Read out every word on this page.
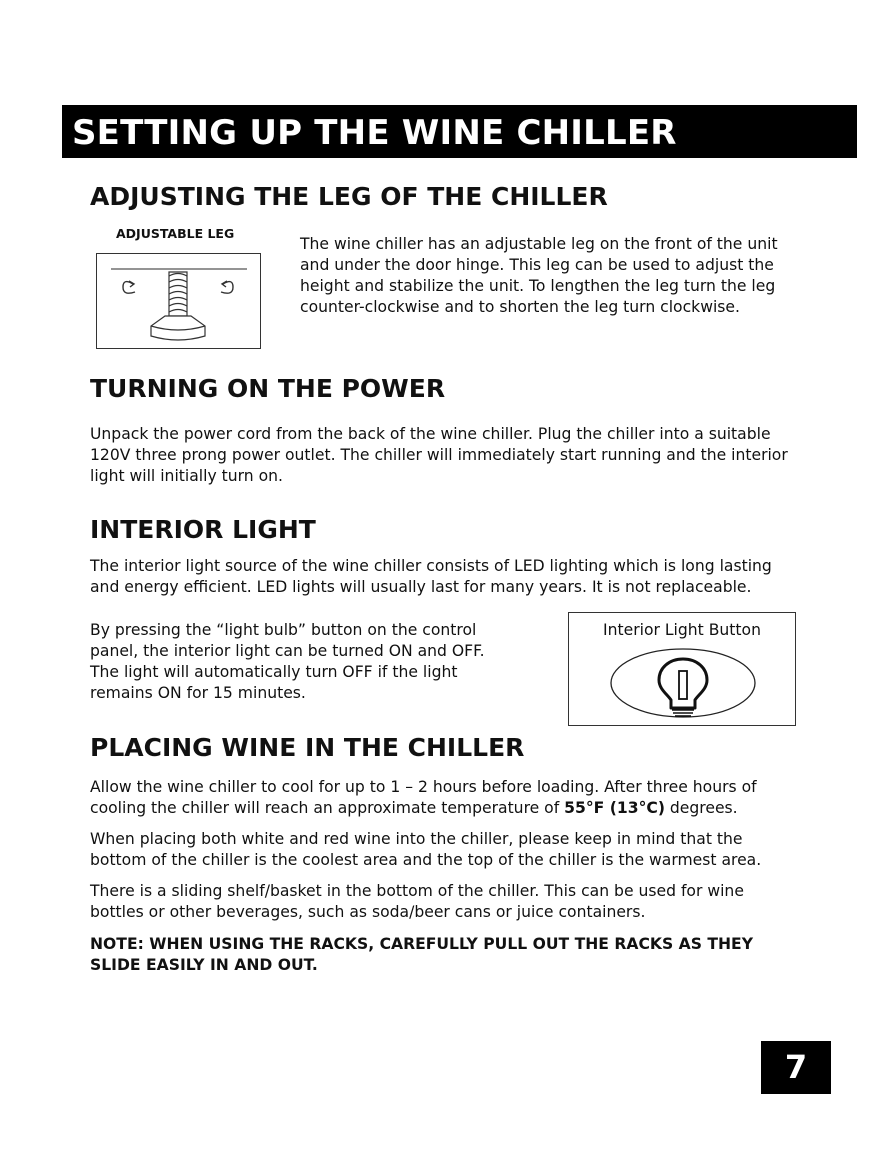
SETTING UP THE WINE CHILLER
ADJUSTING THE LEG OF THE CHILLER
ADJUSTABLE LEG

The wine chiller has an adjustable leg on the front of the unit and under the door hinge. This leg can be used to adjust the height and stabilize the unit. To lengthen the leg turn the leg counter-clockwise and to shorten the leg turn clockwise.

TURNING ON THE POWER

Unpack the power cord from the back of the wine chiller. Plug the chiller into a suitable 120V three prong power outlet. The chiller will immediately start running and the interior light will initially turn on.

INTERIOR LIGHT

The interior light source of the wine chiller consists of LED lighting which is long lasting and energy efficient. LED lights will usually last for many years. It is not replaceable.

By pressing the “light bulb” button on the control panel, the interior light can be turned ON and OFF. The light will automatically turn OFF if the light remains ON for 15 minutes.

Interior Light Button
PLACING WINE IN THE CHILLER

Allow the wine chiller to cool for up to 1 – 2 hours before loading. After three hours of cooling the chiller will reach an approximate temperature of 55°F (13°C) degrees.

When placing both white and red wine into the chiller, please keep in mind that the bottom of the chiller is the coolest area and the top of the chiller is the warmest area.

There is a sliding shelf/basket in the bottom of the chiller. This can be used for wine bottles or other beverages, such as soda/beer cans or juice containers.

NOTE: WHEN USING THE RACKS, CAREFULLY PULL OUT THE RACKS AS THEY SLIDE EASILY IN AND OUT.

7
